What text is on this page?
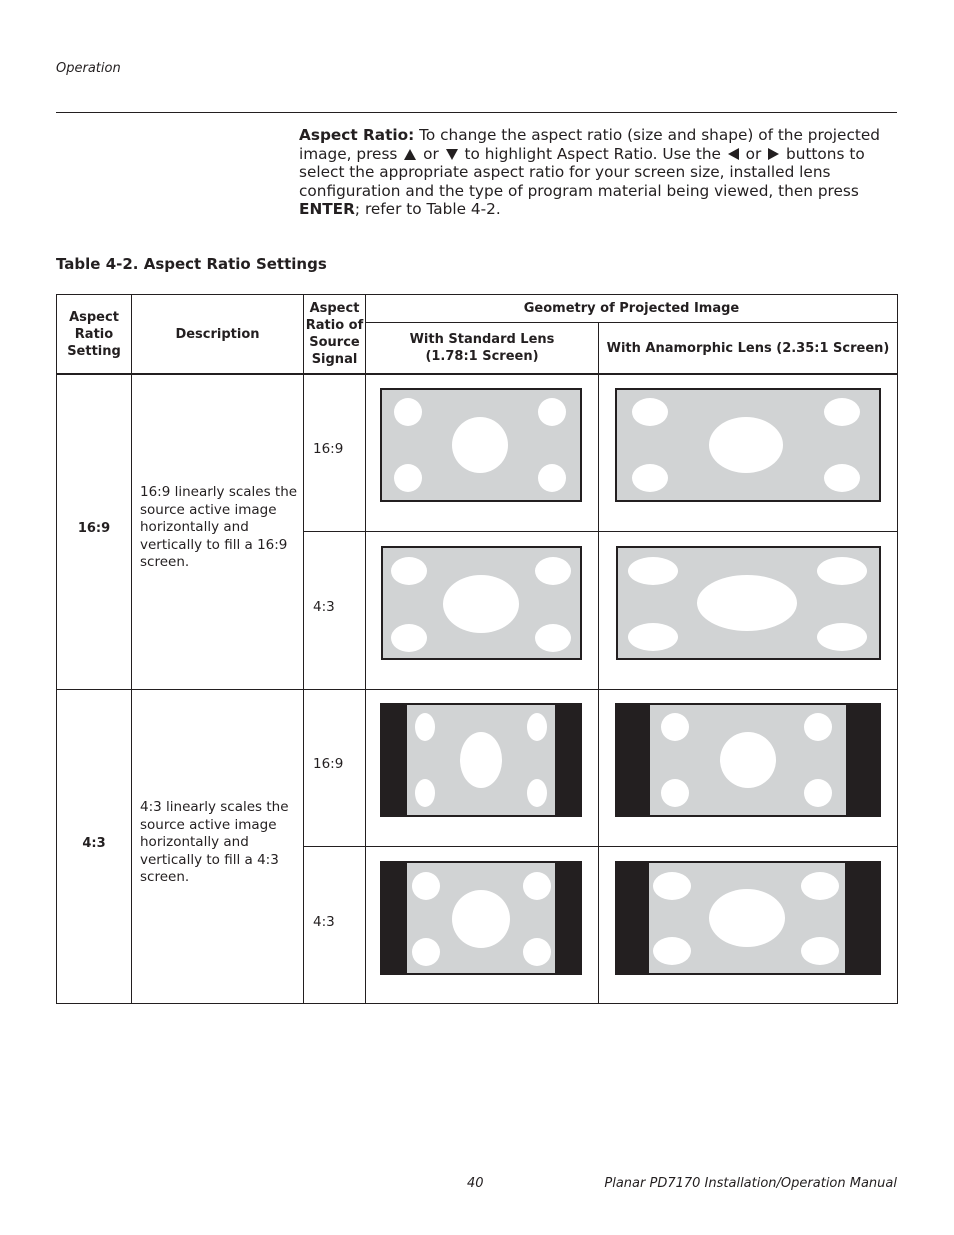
Operation
Aspect Ratio: To change the aspect ratio (size and shape) of the projected image, press  or  to highlight Aspect Ratio. Use the  or  buttons to select the appropriate aspect ratio for your screen size, installed lens configuration and the type of program material being viewed, then press ENTER; refer to Table 4-2.
Table 4-2. Aspect Ratio Settings
Aspect Ratio Setting
Description
Aspect Ratio of Source Signal
Geometry of Projected Image
With Standard Lens (1.78:1 Screen)
With Anamorphic Lens (2.35:1 Screen)
16:9
16:9 linearly scales the source active image horizontally and vertically to fill a 16:9 screen.
16:9
4:3
4:3
4:3 linearly scales the source active image horizontally and vertically to fill a 4:3 screen.
16:9
4:3
40	Planar PD7170 Installation/Operation Manual
